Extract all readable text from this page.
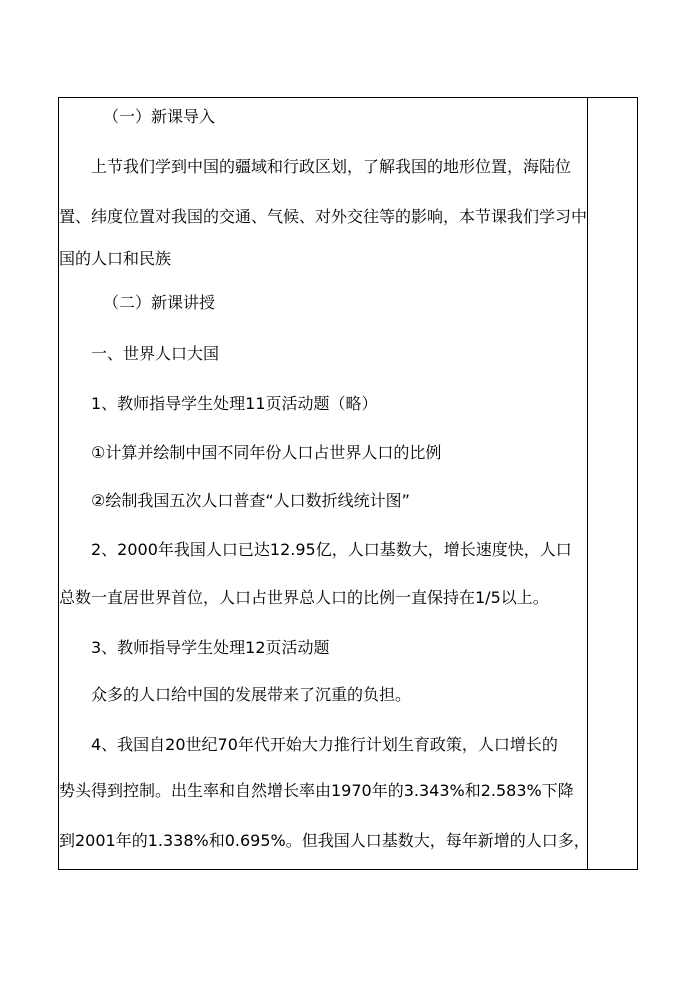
（一）新课导入
上节我们学到中国的疆域和行政区划，了解我国的地形位置，海陆位
置、纬度位置对我国的交通、气候、对外交往等的影响，本节课我们学习中
国的人口和民族
（二）新课讲授
一、世界人口大国
1、教师指导学生处理11页活动题（略）
①计算并绘制中国不同年份人口占世界人口的比例
②绘制我国五次人口普查“人口数折线统计图”
2、2000年我国人口已达12.95亿，人口基数大，增长速度快，人口
总数一直居世界首位，人口占世界总人口的比例一直保持在1/5以上。
3、教师指导学生处理12页活动题
众多的人口给中国的发展带来了沉重的负担。
4、我国自20世纪70年代开始大力推行计划生育政策，人口增长的
势头得到控制。出生率和自然增长率由1970年的3.343%和2.583%下降
到2001年的1.338%和0.695%。但我国人口基数大，每年新增的人口多，
